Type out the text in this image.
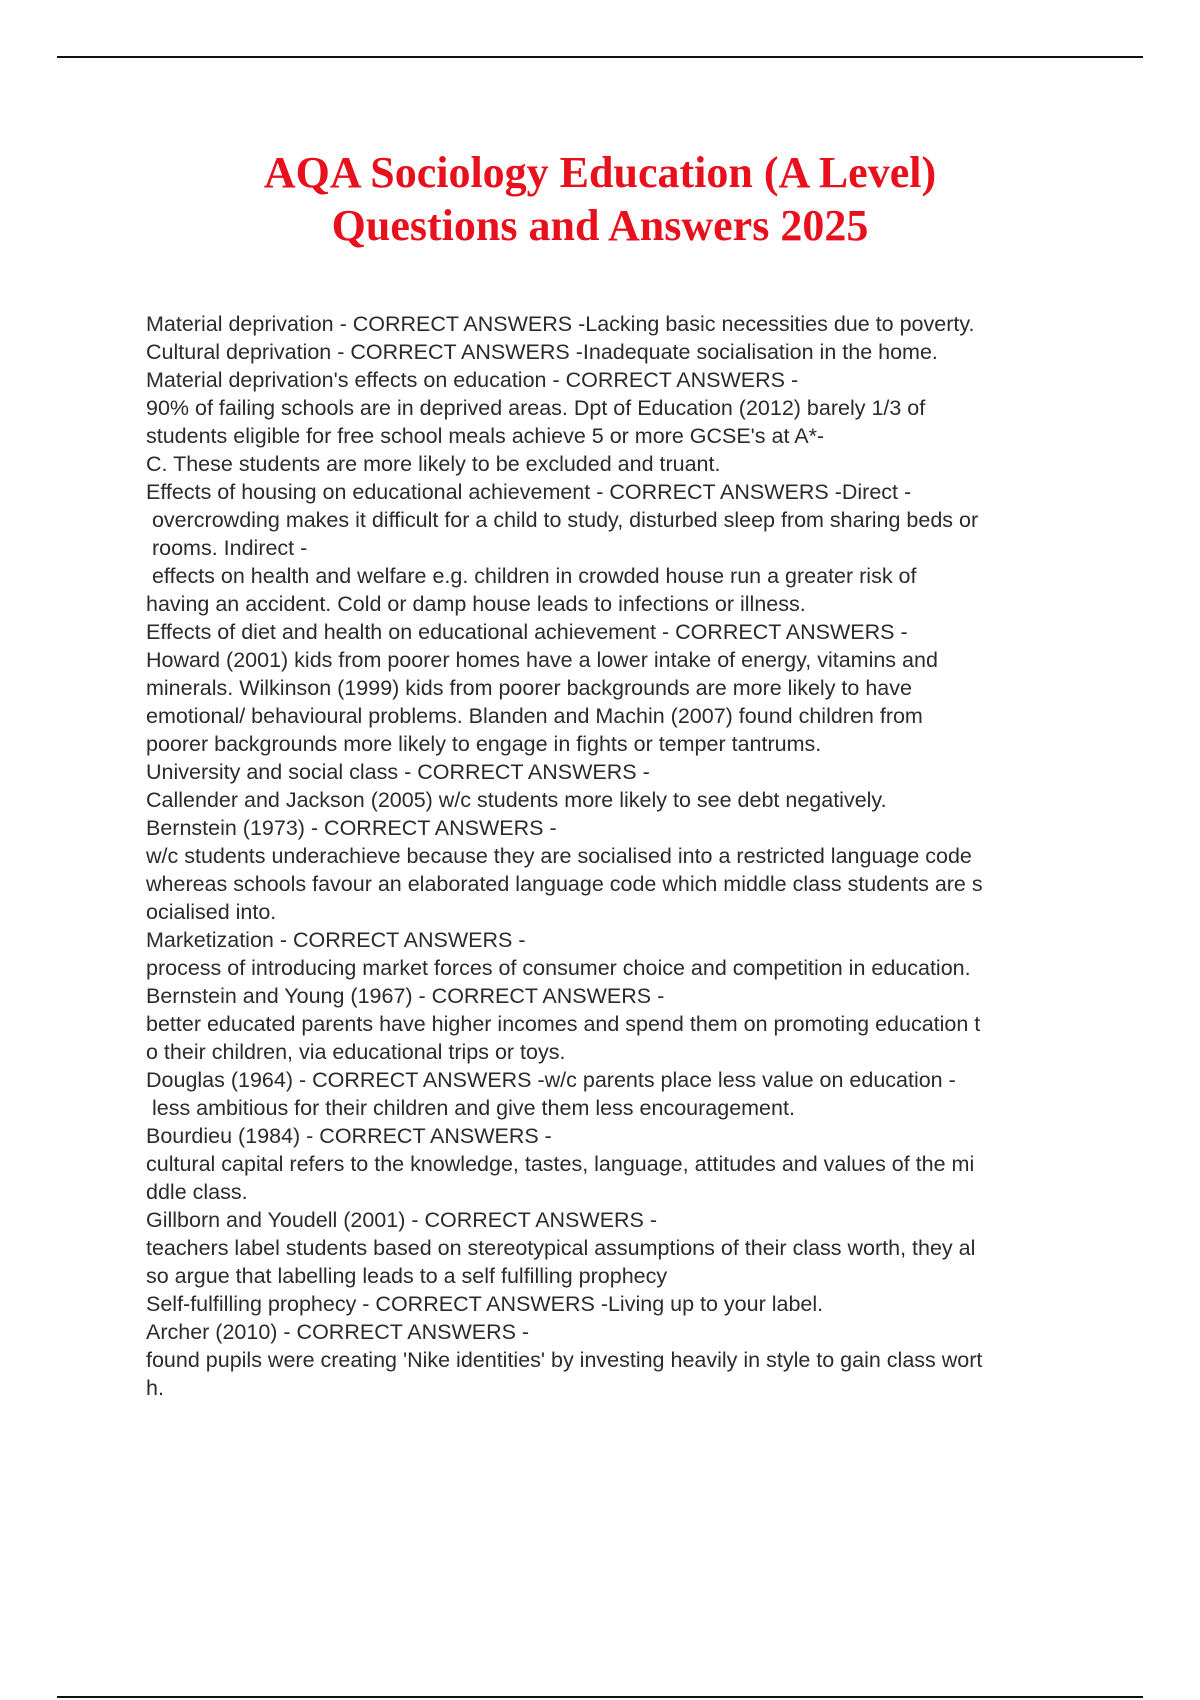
AQA Sociology Education (A Level)
Questions and Answers 2025
Material deprivation - CORRECT ANSWERS -Lacking basic necessities due to poverty.
Cultural deprivation - CORRECT ANSWERS -Inadequate socialisation in the home.
Material deprivation's effects on education - CORRECT ANSWERS -
90% of failing schools are in deprived areas. Dpt of Education (2012) barely 1/3 of
students eligible for free school meals achieve 5 or more GCSE's at A*-
C. These students are more likely to be excluded and truant.
Effects of housing on educational achievement - CORRECT ANSWERS -Direct -
overcrowding makes it difficult for a child to study, disturbed sleep from sharing beds or
rooms. Indirect -
effects on health and welfare e.g. children in crowded house run a greater risk of
having an accident. Cold or damp house leads to infections or illness.
Effects of diet and health on educational achievement - CORRECT ANSWERS -
Howard (2001) kids from poorer homes have a lower intake of energy, vitamins and
minerals. Wilkinson (1999) kids from poorer backgrounds are more likely to have
emotional/ behavioural problems. Blanden and Machin (2007) found children from
poorer backgrounds more likely to engage in fights or temper tantrums.
University and social class - CORRECT ANSWERS -
Callender and Jackson (2005) w/c students more likely to see debt negatively.
Bernstein (1973) - CORRECT ANSWERS -
w/c students underachieve because they are socialised into a restricted language code
whereas schools favour an elaborated language code which middle class students are s
ocialised into.
Marketization - CORRECT ANSWERS -
process of introducing market forces of consumer choice and competition in education.
Bernstein and Young (1967) - CORRECT ANSWERS -
better educated parents have higher incomes and spend them on promoting education t
o their children, via educational trips or toys.
Douglas (1964) - CORRECT ANSWERS -w/c parents place less value on education -
less ambitious for their children and give them less encouragement.
Bourdieu (1984) - CORRECT ANSWERS -
cultural capital refers to the knowledge, tastes, language, attitudes and values of the mi
ddle class.
Gillborn and Youdell (2001) - CORRECT ANSWERS -
teachers label students based on stereotypical assumptions of their class worth, they al
so argue that labelling leads to a self fulfilling prophecy
Self-fulfilling prophecy - CORRECT ANSWERS -Living up to your label.
Archer (2010) - CORRECT ANSWERS -
found pupils were creating 'Nike identities' by investing heavily in style to gain class wort
h.
